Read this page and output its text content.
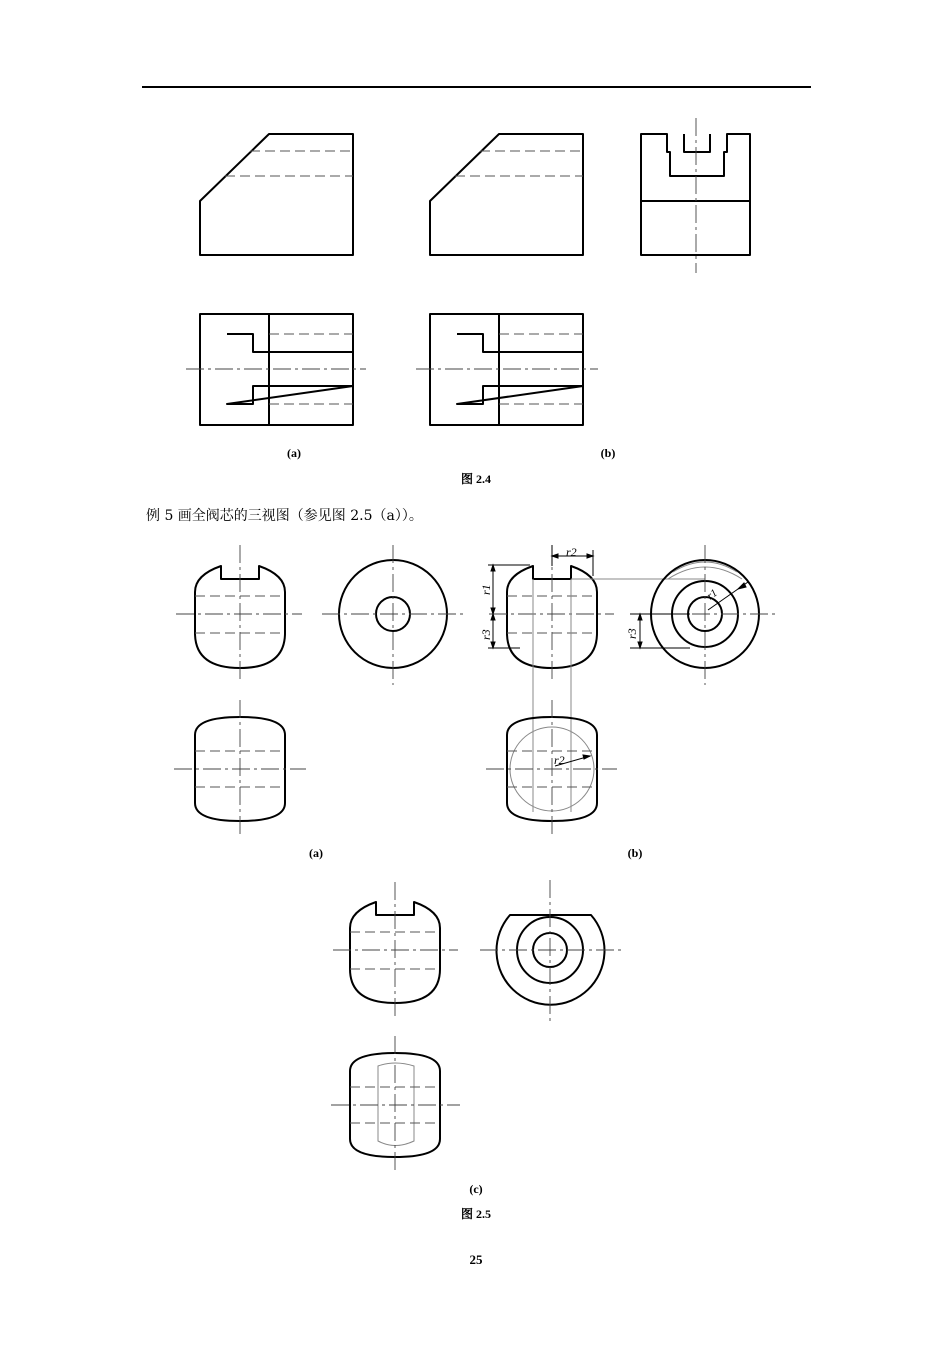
r2
r1
r3	r3
r1
r2
(a)	(b)
图 2.4
例 5 画全阀芯的三视图（参见图 2.5（a））。
(a)	(b)
(c)
图 2.5
25
